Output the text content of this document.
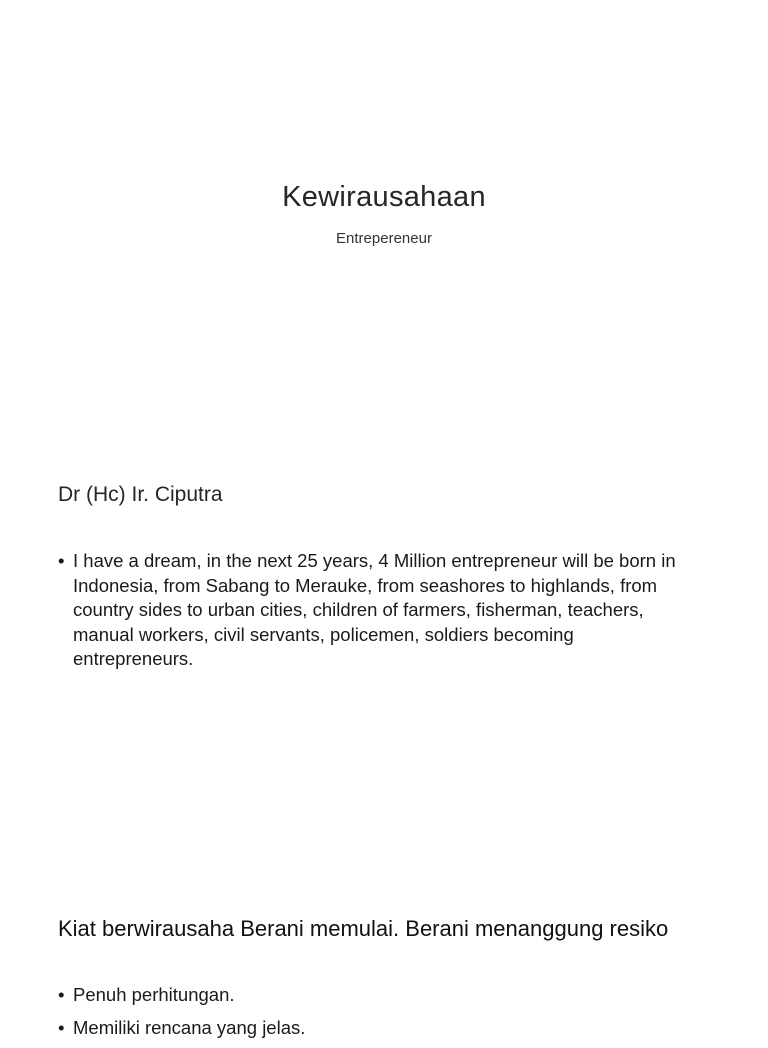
Kewirausahaan
Entrepereneur
Dr (Hc) Ir. Ciputra
• I have a dream, in the next 25 years, 4 Million entrepreneur will be born in Indonesia, from Sabang to Merauke, from seashores to highlands, from country sides to urban cities, children of farmers, fisherman, teachers, manual workers, civil servants, policemen, soldiers becoming entrepreneurs.
Kiat berwirausaha Berani memulai. Berani menanggung resiko
• Penuh perhitungan.
• Memiliki rencana yang jelas.
